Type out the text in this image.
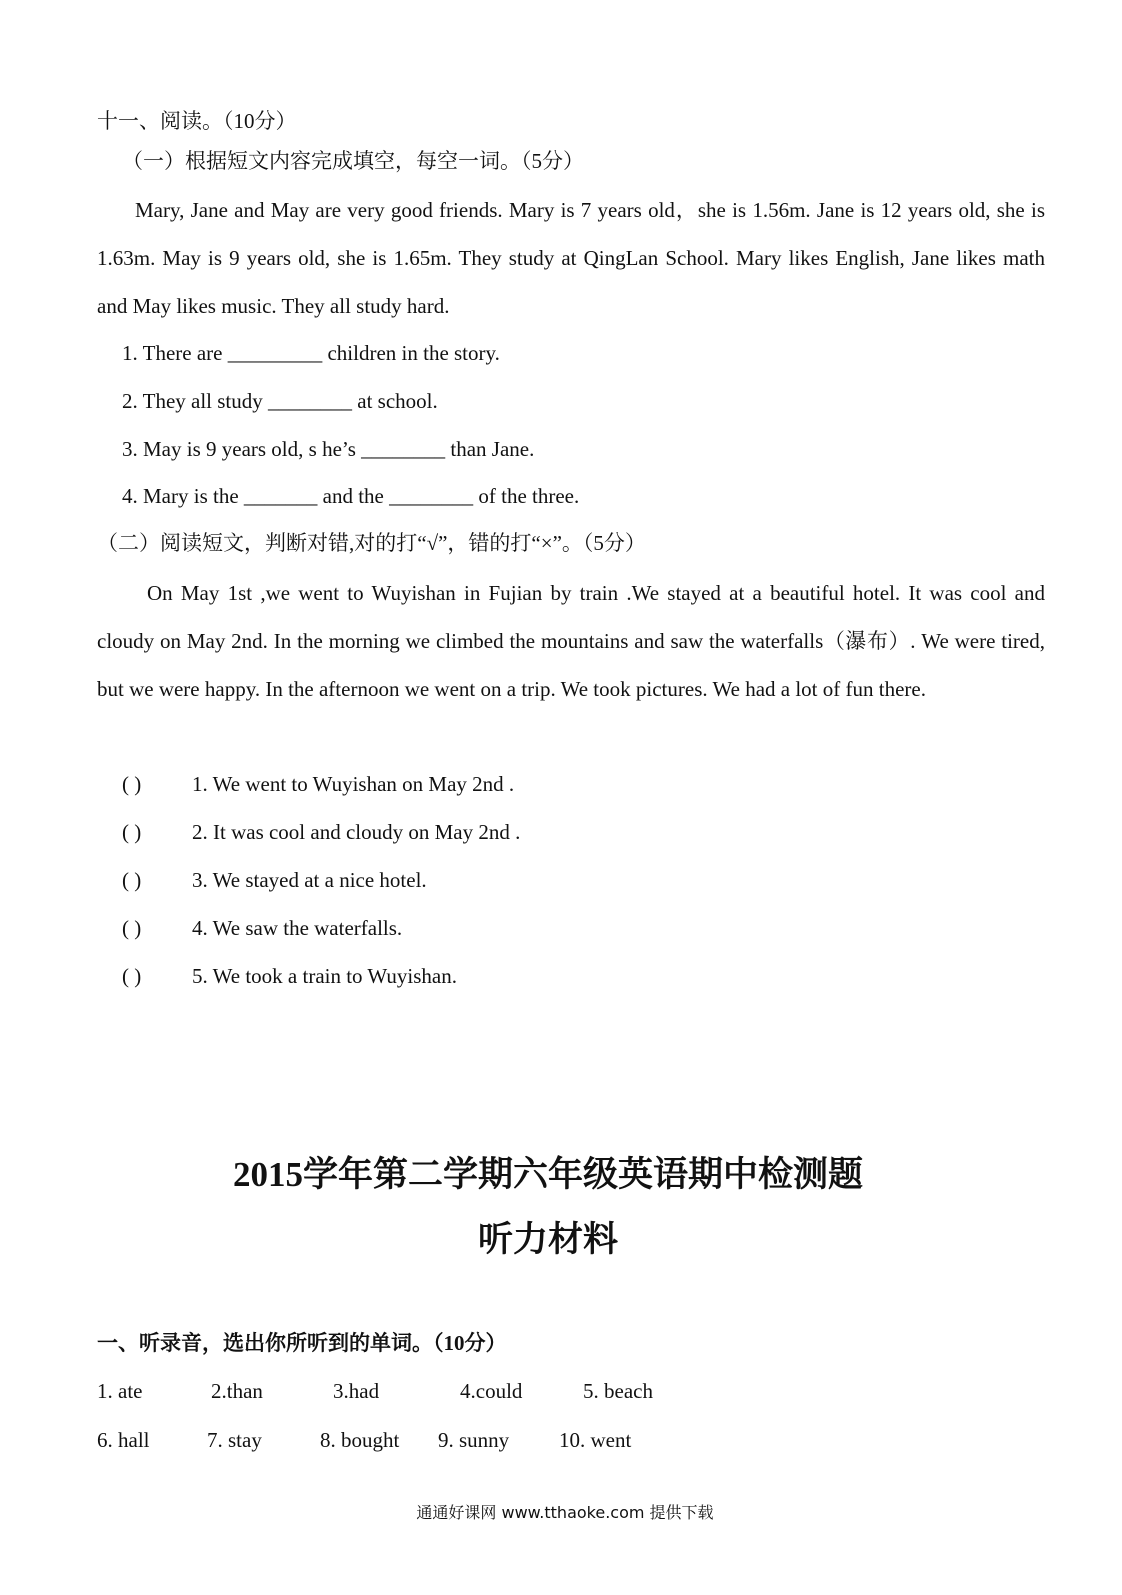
十一、阅读。（10分）
（一）根据短文内容完成填空，每空一词。（5分）
Mary, Jane and May are very good friends. Mary is 7 years old，she is 1.56m. Jane is 12 years old, she is 1.63m. May is 9 years old, she is 1.65m. They study at QingLan School. Mary likes English, Jane likes math and May likes music. They all study hard.
1. There are _________ children in the story.
2. They all study ________ at school.
3. May is 9 years old, s he’s ________ than Jane.
4. Mary is the _______ and the ________ of the three.
（二）阅读短文，判断对错,对的打“√”，错的打“×”。（5分）
On May 1st ,we went to Wuyishan in Fujian by train .We stayed at a beautiful hotel. It was cool and cloudy on May 2nd. In the morning we climbed the mountains and saw the waterfalls（瀑布）. We were tired, but we were happy. In the afternoon we went on a trip. We took pictures. We had a lot of fun there.
( ) 1. We went to Wuyishan on May 2nd .
( ) 2. It was cool and cloudy on May 2nd .
( ) 3. We stayed at a nice hotel.
( ) 4. We saw the waterfalls.
( ) 5. We took a train to Wuyishan.
2015学年第二学期六年级英语期中检测题
听力材料
一、听录音，选出你所听到的单词。（10分）
1. ate	2.than	3.had	4.could	5. beach
6. hall	7. stay	8. bought 9. sunny 10. went
通通好课网 www.tthaoke.com 提供下载
